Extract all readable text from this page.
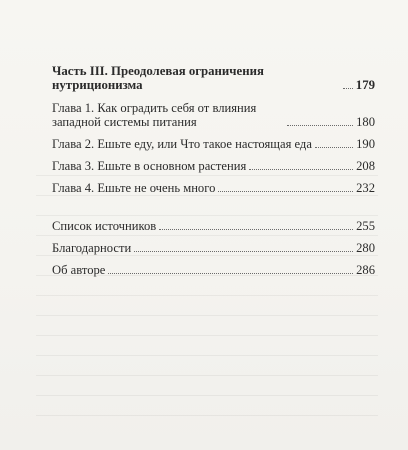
Часть III. Преодолевая ограничения нутриционизма	179
Глава 1. Как оградить себя от влияния западной системы питания	180
Глава 2. Ешьте еду, или Что такое настоящая еда	190
Глава 3. Ешьте в основном растения	208
Глава 4. Ешьте не очень много	232
Список источников	255
Благодарности	280
Об авторе	286
